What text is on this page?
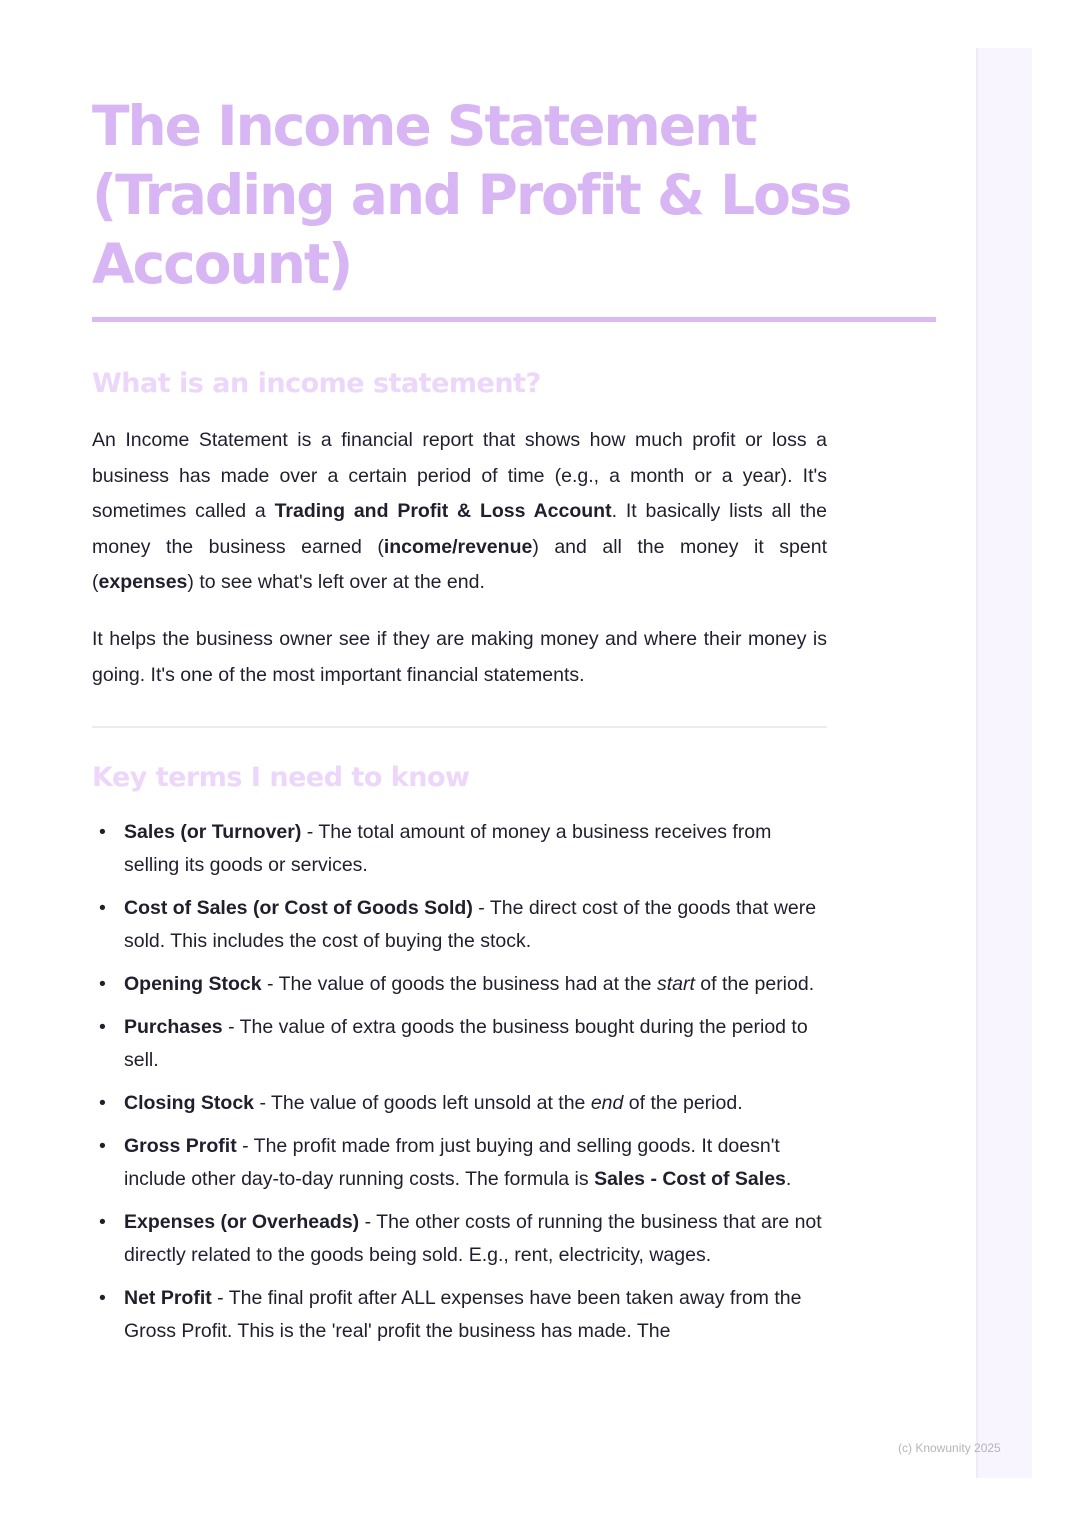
The Income Statement (Trading and Profit & Loss Account)
What is an income statement?

An Income Statement is a financial report that shows how much profit or loss a business has made over a certain period of time (e.g., a month or a year). It's sometimes called a Trading and Profit & Loss Account. It basically lists all the money the business earned (income/revenue) and all the money it spent (expenses) to see what's left over at the end.

It helps the business owner see if they are making money and where their money is going. It's one of the most important financial statements.

Key terms I need to know
• Sales (or Turnover) - The total amount of money a business receives from selling its goods or services.
• Cost of Sales (or Cost of Goods Sold) - The direct cost of the goods that were sold. This includes the cost of buying the stock.
• Opening Stock - The value of goods the business had at the start of the period.
• Purchases - The value of extra goods the business bought during the period to sell.
• Closing Stock - The value of goods left unsold at the end of the period.
• Gross Profit - The profit made from just buying and selling goods. It doesn't include other day-to-day running costs. The formula is Sales - Cost of Sales.
• Expenses (or Overheads) - The other costs of running the business that are not directly related to the goods being sold. E.g., rent, electricity, wages.
• Net Profit - The final profit after ALL expenses have been taken away from the Gross Profit. This is the 'real' profit the business has made. The
(c) Knowunity 2025
